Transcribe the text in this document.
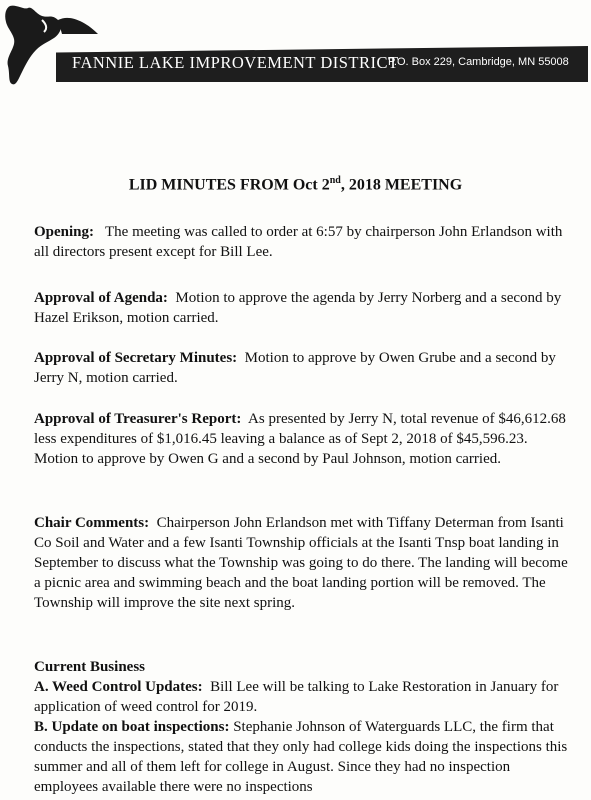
FANNIE LAKE IMPROVEMENT DISTRICT
P.O. Box 229, Cambridge, MN 55008
LID MINUTES FROM Oct 2nd, 2018 MEETING
Opening: The meeting was called to order at 6:57 by chairperson John Erlandson with all directors present except for Bill Lee.
Approval of Agenda: Motion to approve the agenda by Jerry Norberg and a second by Hazel Erikson, motion carried.
Approval of Secretary Minutes: Motion to approve by Owen Grube and a second by Jerry N, motion carried.
Approval of Treasurer's Report: As presented by Jerry N, total revenue of $46,612.68 less expenditures of $1,016.45 leaving a balance as of Sept 2, 2018 of $45,596.23. Motion to approve by Owen G and a second by Paul Johnson, motion carried.
Chair Comments: Chairperson John Erlandson met with Tiffany Determan from Isanti Co Soil and Water and a few Isanti Township officials at the Isanti Tnsp boat landing in September to discuss what the Township was going to do there. The landing will become a picnic area and swimming beach and the boat landing portion will be removed. The Township will improve the site next spring.
Current Business
A. Weed Control Updates: Bill Lee will be talking to Lake Restoration in January for application of weed control for 2019.
B. Update on boat inspections: Stephanie Johnson of Waterguards LLC, the firm that conducts the inspections, stated that they only had college kids doing the inspections this summer and all of them left for college in August. Since they had no inspection employees available there were no inspections
